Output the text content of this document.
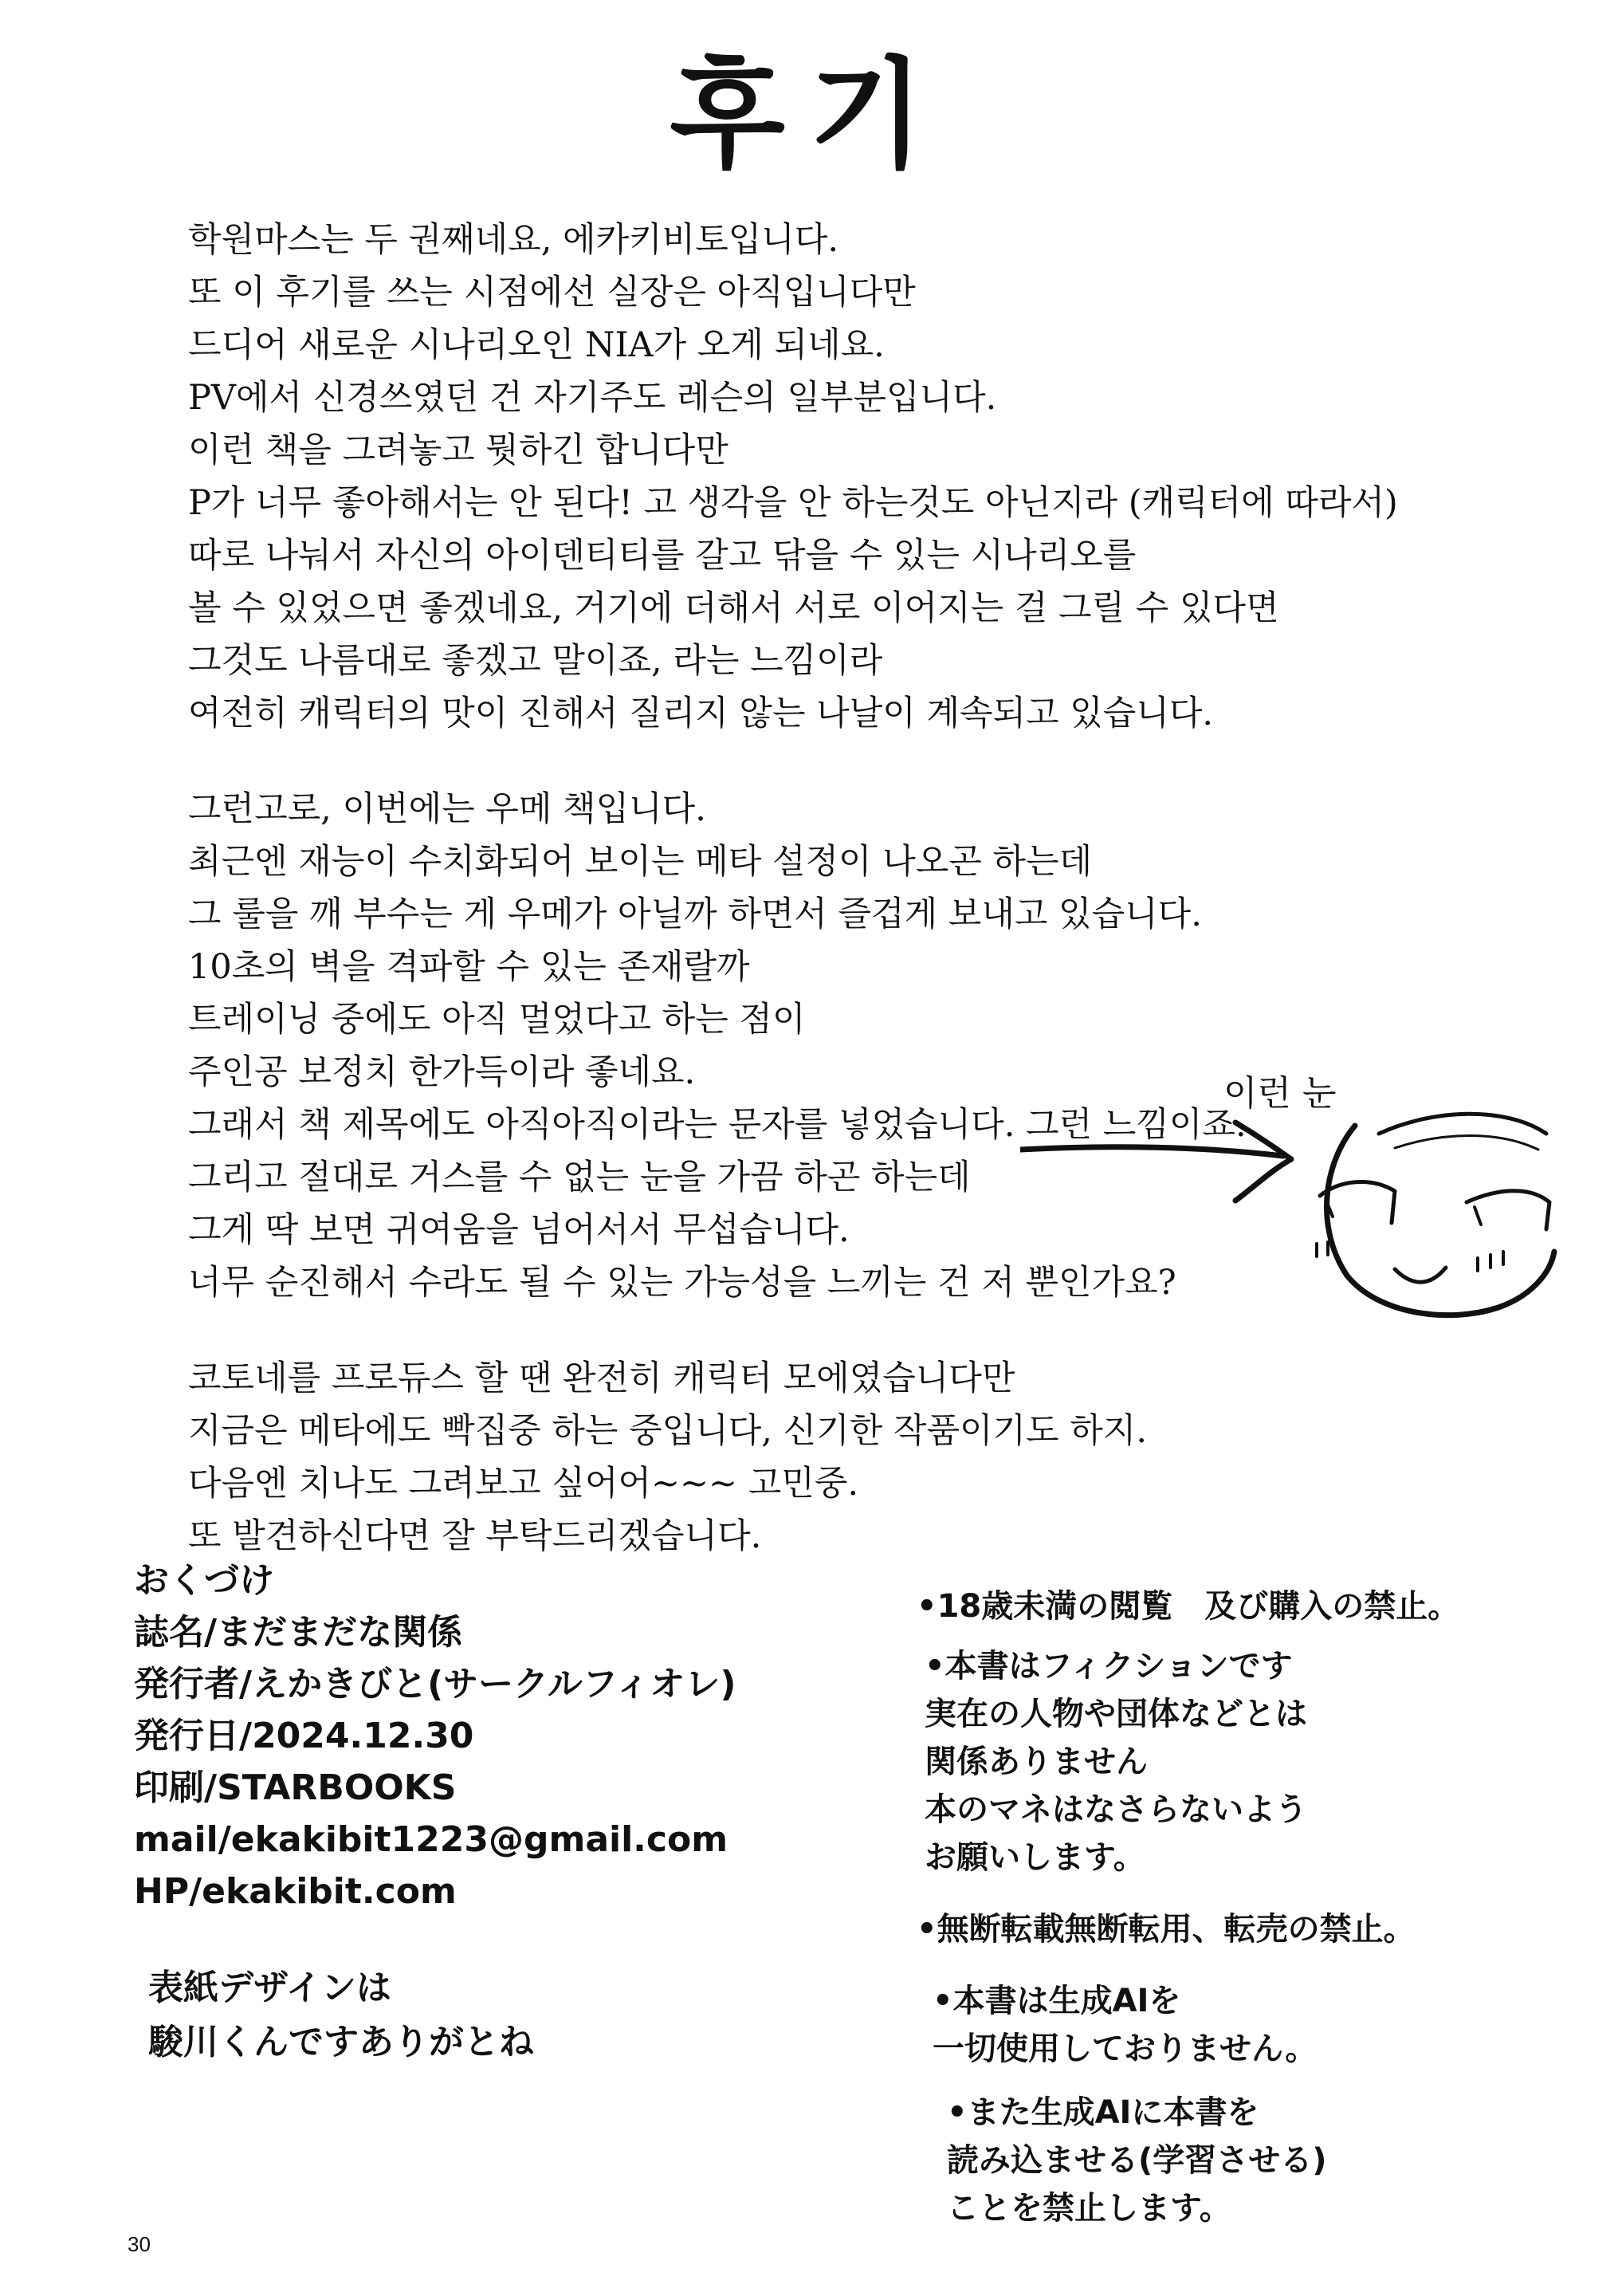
후기
학원마스는 두 권째네요, 에카키비토입니다.
또 이 후기를 쓰는 시점에선 실장은 아직입니다만
드디어 새로운 시나리오인 NIA가 오게 되네요.
PV에서 신경쓰였던 건 자기주도 레슨의 일부분입니다.
이런 책을 그려놓고 뭣하긴 합니다만
P가 너무 좋아해서는 안 된다! 고 생각을 안 하는것도 아닌지라 (캐릭터에 따라서)
따로 나눠서 자신의 아이덴티티를 갈고 닦을 수 있는 시나리오를
볼 수 있었으면 좋겠네요, 거기에 더해서 서로 이어지는 걸 그릴 수 있다면
그것도 나름대로 좋겠고 말이죠, 라는 느낌이라
여전히 캐릭터의 맛이 진해서 질리지 않는 나날이 계속되고 있습니다.
그런고로, 이번에는 우메 책입니다.
최근엔 재능이 수치화되어 보이는 메타 설정이 나오곤 하는데
그 룰을 깨 부수는 게 우메가 아닐까 하면서 즐겁게 보내고 있습니다.
10초의 벽을 격파할 수 있는 존재랄까
트레이닝 중에도 아직 멀었다고 하는 점이
주인공 보정치 한가득이라 좋네요.
그래서 책 제목에도 아직아직이라는 문자를 넣었습니다. 그런 느낌이죠.
그리고 절대로 거스를 수 없는 눈을 가끔 하곤 하는데
그게 딱 보면 귀여움을 넘어서서 무섭습니다.
너무 순진해서 수라도 될 수 있는 가능성을 느끼는 건 저 뿐인가요?
코토네를 프로듀스 할 땐 완전히 캐릭터 모에였습니다만
지금은 메타에도 빡집중 하는 중입니다, 신기한 작품이기도 하지.
다음엔 치나도 그려보고 싶어어~~~ 고민중.
또 발견하신다면 잘 부탁드리겠습니다.
이런 눈
おくづけ
誌名/まだまだな関係
発行者/えかきびと(サークルフィオレ)
発行日/2024.12.30
印刷/STARBOOKS
mail/ekakibit1223@gmail.com
HP/ekakibit.com
表紙デザインは
駿川くんですありがとね
•18歳未満の閲覧　及び購入の禁止。
•本書はフィクションです
実在の人物や団体などとは
関係ありません
本のマネはなさらないよう
お願いします。
•無断転載無断転用、転売の禁止。
•本書は生成AIを
一切使用しておりません。
•また生成AIに本書を
読み込ませる(学習させる)
ことを禁止します。
30
